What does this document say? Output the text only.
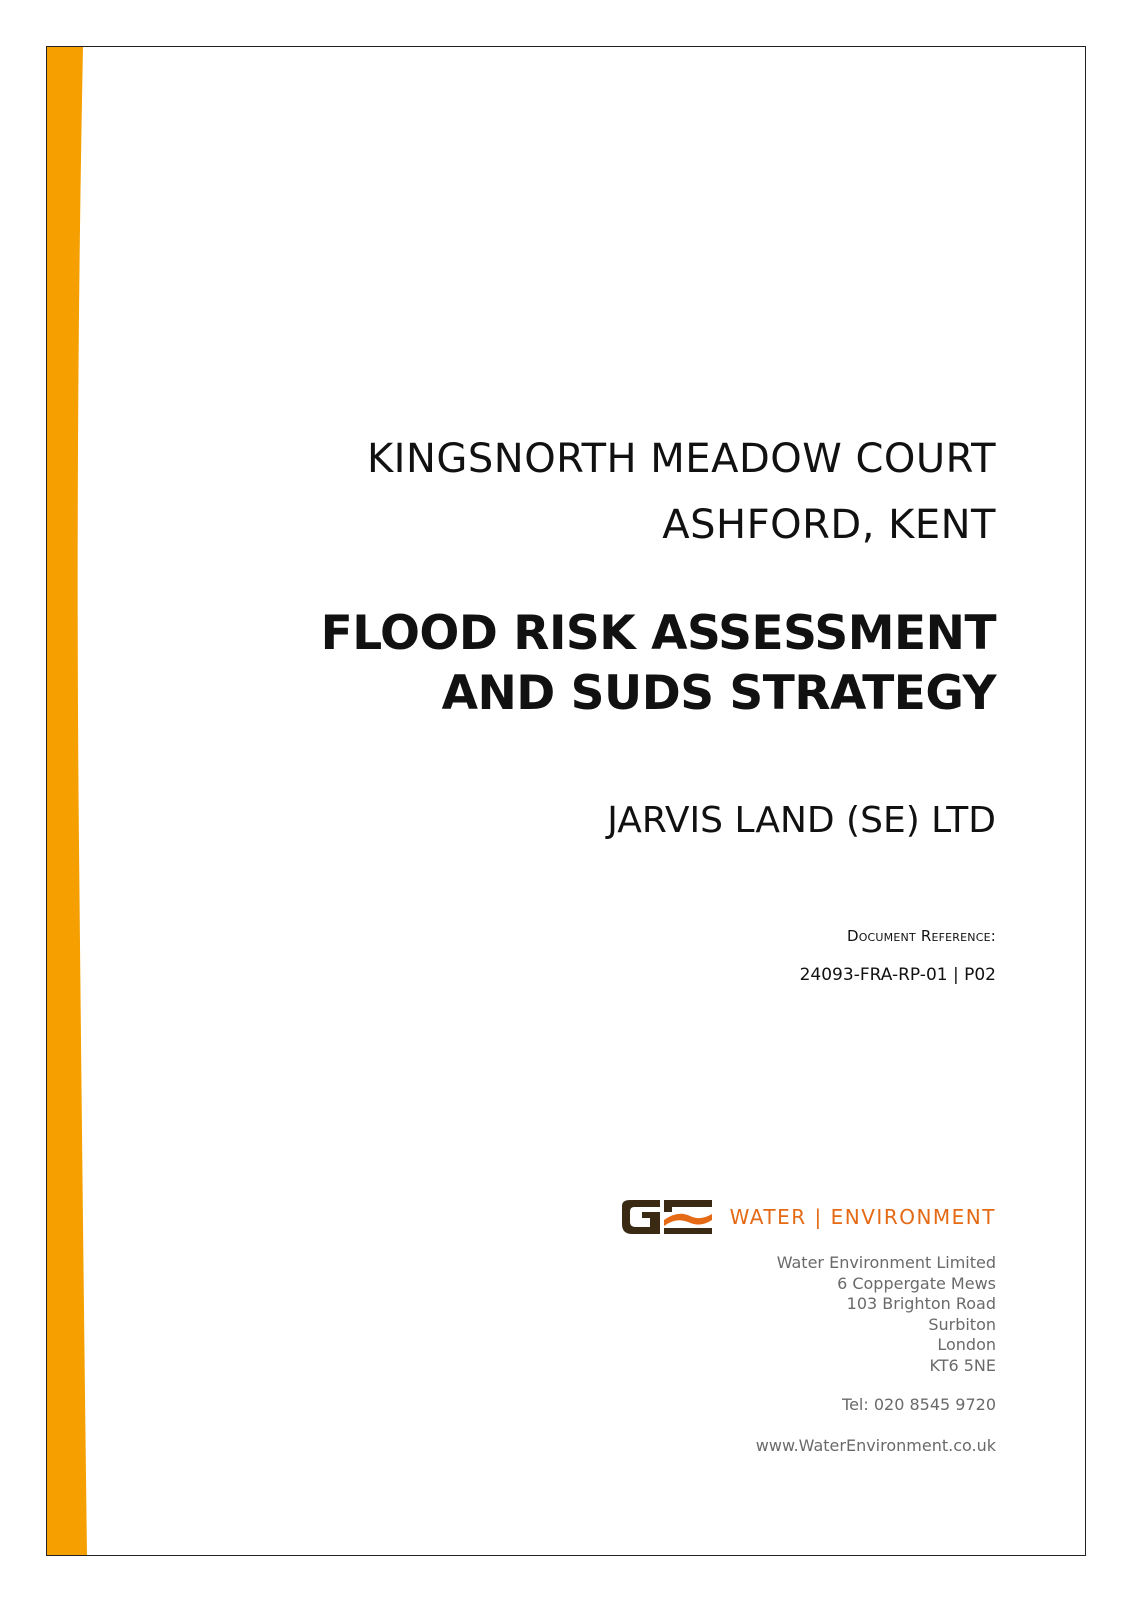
KINGSNORTH MEADOW COURT
ASHFORD, KENT
FLOOD RISK ASSESSMENT
AND SUDS STRATEGY
JARVIS LAND (SE) LTD
Document Reference:
24093-FRA-RP-01 | P02
WATER | ENVIRONMENT
Water Environment Limited
6 Coppergate Mews
103 Brighton Road
Surbiton
London
KT6 5NE
Tel: 020 8545 9720
www.WaterEnvironment.co.uk
